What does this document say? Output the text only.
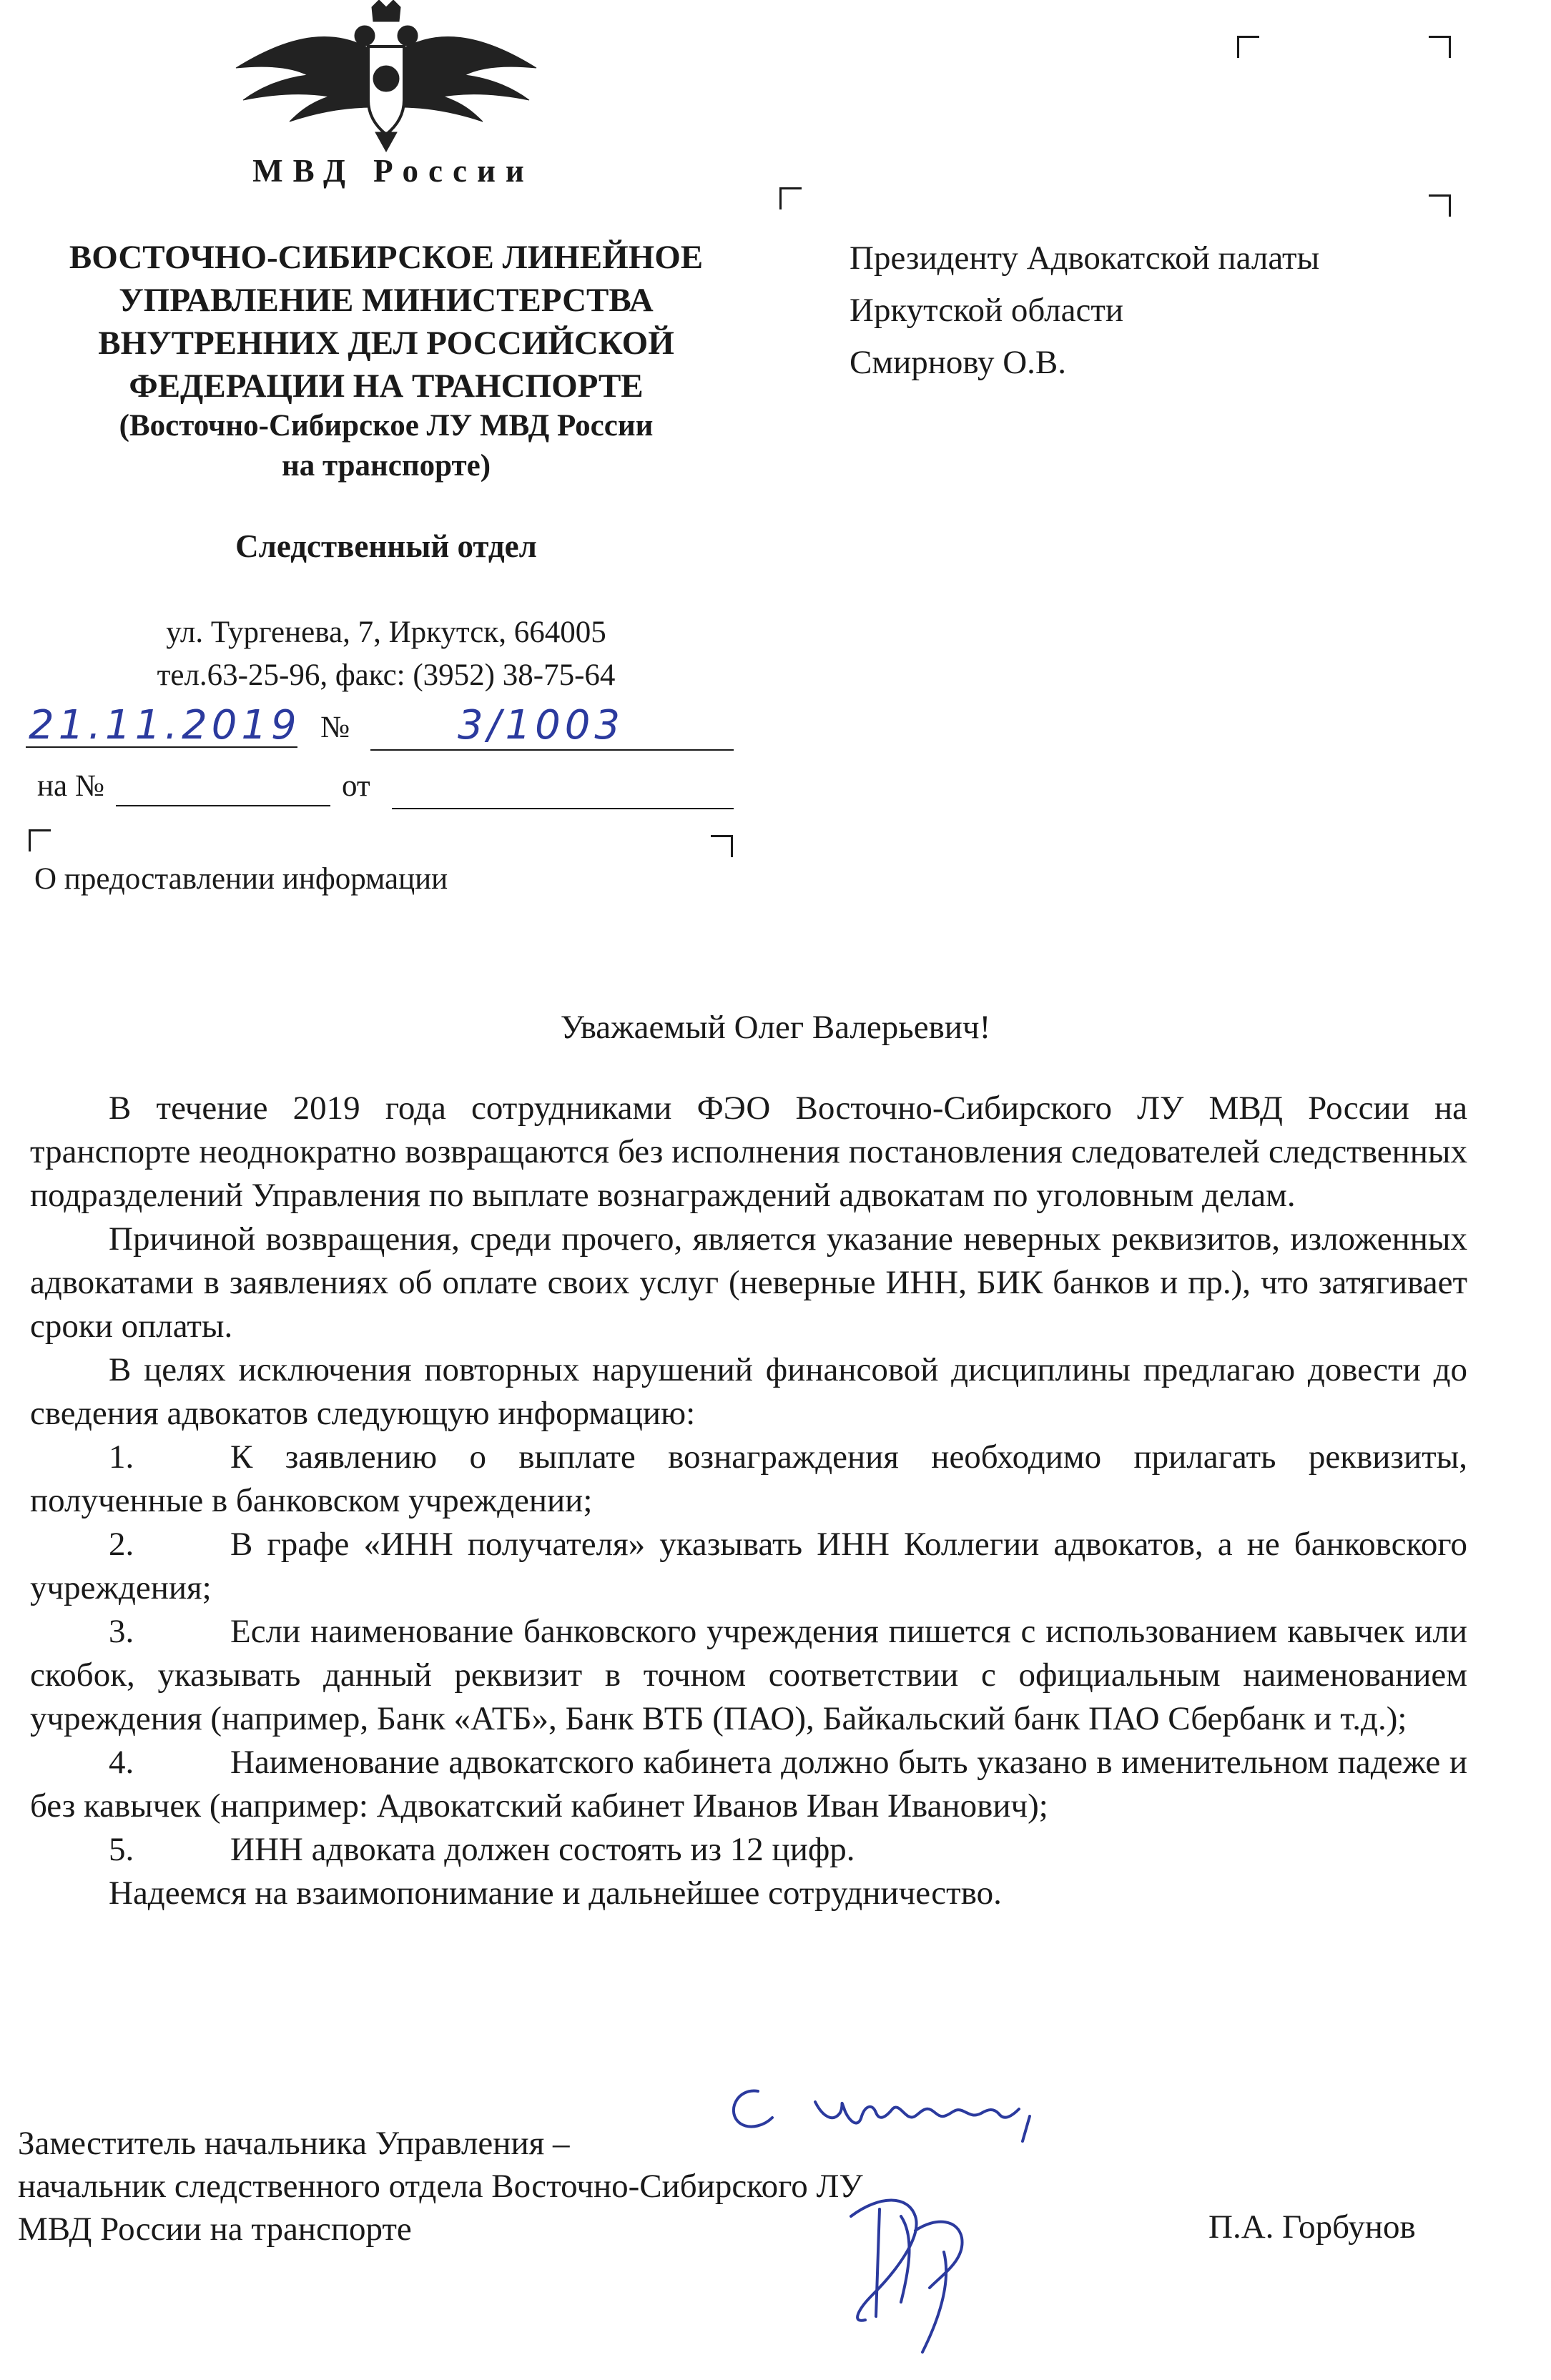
МВД России
ВОСТОЧНО-СИБИРСКОЕ ЛИНЕЙНОЕ
УПРАВЛЕНИЕ МИНИСТЕРСТВА
ВНУТРЕННИХ ДЕЛ РОССИЙСКОЙ
ФЕДЕРАЦИИ НА ТРАНСПОРТЕ
(Восточно-Сибирское ЛУ МВД России
на транспорте)
Следственный отдел
ул. Тургенева, 7, Иркутск, 664005
тел.63-25-96, факс: (3952) 38-75-64
21.11.2019 №	3/1003
на №	от
О предоставлении информации
Президенту Адвокатской палаты
Иркутской области
Смирнову О.В.
Уважаемый Олег Валерьевич!

В течение 2019 года сотрудниками ФЭО Восточно-Сибирского ЛУ МВД России на транспорте неоднократно возвращаются без исполнения постановления следователей следственных подразделений Управления по выплате вознаграждений адвокатам по уголовным делам.

Причиной возвращения, среди прочего, является указание неверных реквизитов, изложенных адвокатами в заявлениях об оплате своих услуг (неверные ИНН, БИК банков и пр.), что затягивает сроки оплаты.

В целях исключения повторных нарушений финансовой дисциплины предлагаю довести до сведения адвокатов следующую информацию:

1.	К заявлению о выплате вознаграждения необходимо прилагать реквизиты, полученные в банковском учреждении;

2.	В графе «ИНН получателя» указывать ИНН Коллегии адвокатов, а не банковского учреждения;

3.	Если наименование банковского учреждения пишется с использованием кавычек или скобок, указывать данный реквизит в точном соответствии с официальным наименованием учреждения (например, Банк «АТБ», Банк ВТБ (ПАО), Байкальский банк ПАО Сбербанк и т.д.);

4.	Наименование адвокатского кабинета должно быть указано в именительном падеже и без кавычек (например: Адвокатский кабинет Иванов Иван Иванович);

5.	ИНН адвоката должен состоять из 12 цифр.

Надеемся на взаимопонимание и дальнейшее сотрудничество.

Заместитель начальника Управления –
начальник следственного отдела Восточно-Сибирского ЛУ
МВД России на транспорте	П.А. Горбунов
